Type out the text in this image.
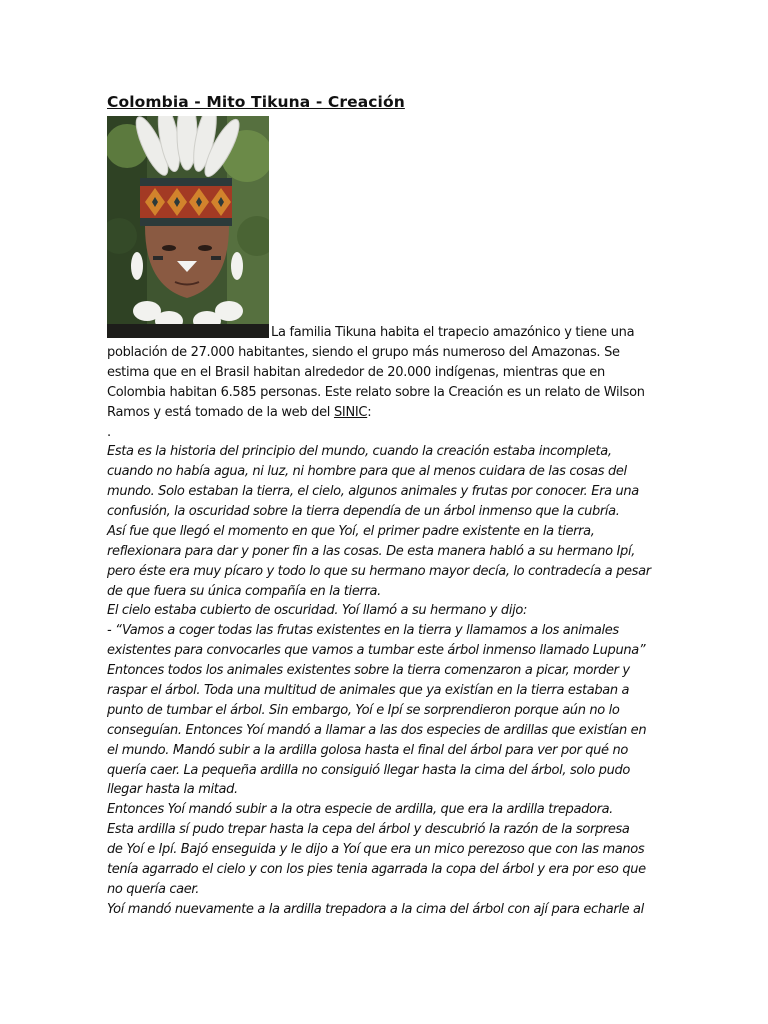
Colombia - Mito Tikuna - Creación
La familia Tikuna habita el trapecio amazónico y tiene una
población de 27.000 habitantes, siendo el grupo más numeroso del Amazonas. Se
estima que en el Brasil habitan alrededor de 20.000 indígenas, mientras que en
Colombia habitan 6.585 personas. Este relato sobre la Creación es un relato de Wilson
Ramos y está tomado de la web del SINIC:
.
Esta es la historia del principio del mundo, cuando la creación estaba incompleta,
cuando no había agua, ni luz, ni hombre para que al menos cuidara de las cosas del
mundo. Solo estaban la tierra, el cielo, algunos animales y frutas por conocer. Era una
confusión, la oscuridad sobre la tierra dependía de un árbol inmenso que la cubría.
Así fue que llegó el momento en que Yoí, el primer padre existente en la tierra,
reflexionara para dar y poner fin a las cosas. De esta manera habló a su hermano Ipí,
pero éste era muy pícaro y todo lo que su hermano mayor decía, lo contradecía a pesar
de que fuera su única compañía en la tierra.
El cielo estaba cubierto de oscuridad. Yoí llamó a su hermano y dijo:
- “Vamos a coger todas las frutas existentes en la tierra y llamamos a los animales
existentes para convocarles que vamos a tumbar este árbol inmenso llamado Lupuna”
Entonces todos los animales existentes sobre la tierra comenzaron a picar, morder y
raspar el árbol. Toda una multitud de animales que ya existían en la tierra estaban a
punto de tumbar el árbol. Sin embargo, Yoí e Ipí se sorprendieron porque aún no lo
conseguían. Entonces Yoí mandó a llamar a las dos especies de ardillas que existían en
el mundo. Mandó subir a la ardilla golosa hasta el final del árbol para ver por qué no
quería caer. La pequeña ardilla no consiguió llegar hasta la cima del árbol, solo pudo
llegar hasta la mitad.
Entonces Yoí mandó subir a la otra especie de ardilla, que era la ardilla trepadora.
Esta ardilla sí pudo trepar hasta la cepa del árbol y descubrió la razón de la sorpresa
de Yoí e Ipí. Bajó enseguida y le dijo a Yoí que era un mico perezoso que con las manos
tenía agarrado el cielo y con los pies tenia agarrada la copa del árbol y era por eso que
no quería caer.
Yoí mandó nuevamente a la ardilla trepadora a la cima del árbol con ají para echarle al
